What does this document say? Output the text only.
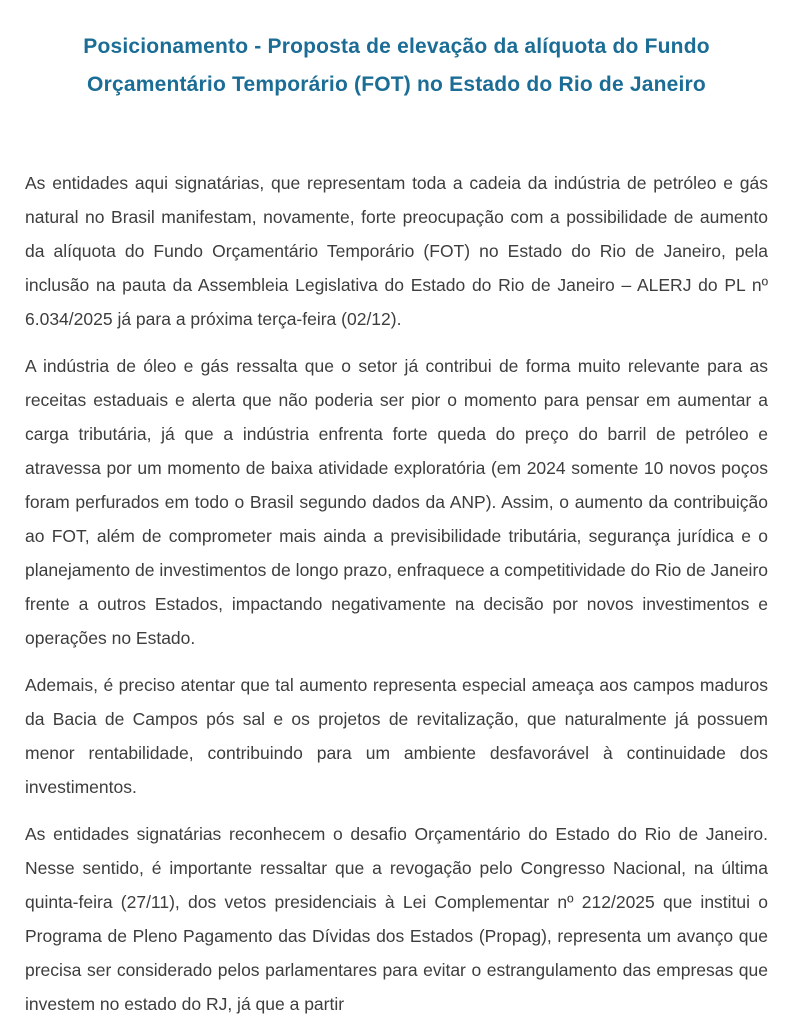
Posicionamento - Proposta de elevação da alíquota do Fundo Orçamentário Temporário (FOT) no Estado do Rio de Janeiro

As entidades aqui signatárias, que representam toda a cadeia da indústria de petróleo e gás natural no Brasil manifestam, novamente, forte preocupação com a possibilidade de aumento da alíquota do Fundo Orçamentário Temporário (FOT) no Estado do Rio de Janeiro, pela inclusão na pauta da Assembleia Legislativa do Estado do Rio de Janeiro – ALERJ do PL nº 6.034/2025 já para a próxima terça-feira (02/12).

A indústria de óleo e gás ressalta que o setor já contribui de forma muito relevante para as receitas estaduais e alerta que não poderia ser pior o momento para pensar em aumentar a carga tributária, já que a indústria enfrenta forte queda do preço do barril de petróleo e atravessa por um momento de baixa atividade exploratória (em 2024 somente 10 novos poços foram perfurados em todo o Brasil segundo dados da ANP). Assim, o aumento da contribuição ao FOT, além de comprometer mais ainda a previsibilidade tributária, segurança jurídica e o planejamento de investimentos de longo prazo, enfraquece a competitividade do Rio de Janeiro frente a outros Estados, impactando negativamente na decisão por novos investimentos e operações no Estado.

Ademais, é preciso atentar que tal aumento representa especial ameaça aos campos maduros da Bacia de Campos pós sal e os projetos de revitalização, que naturalmente já possuem menor rentabilidade, contribuindo para um ambiente desfavorável à continuidade dos investimentos.

As entidades signatárias reconhecem o desafio Orçamentário do Estado do Rio de Janeiro. Nesse sentido, é importante ressaltar que a revogação pelo Congresso Nacional, na última quinta-feira (27/11), dos vetos presidenciais à Lei Complementar nº 212/2025 que institui o Programa de Pleno Pagamento das Dívidas dos Estados (Propag), representa um avanço que precisa ser considerado pelos parlamentares para evitar o estrangulamento das empresas que investem no estado do RJ, já que a partir
